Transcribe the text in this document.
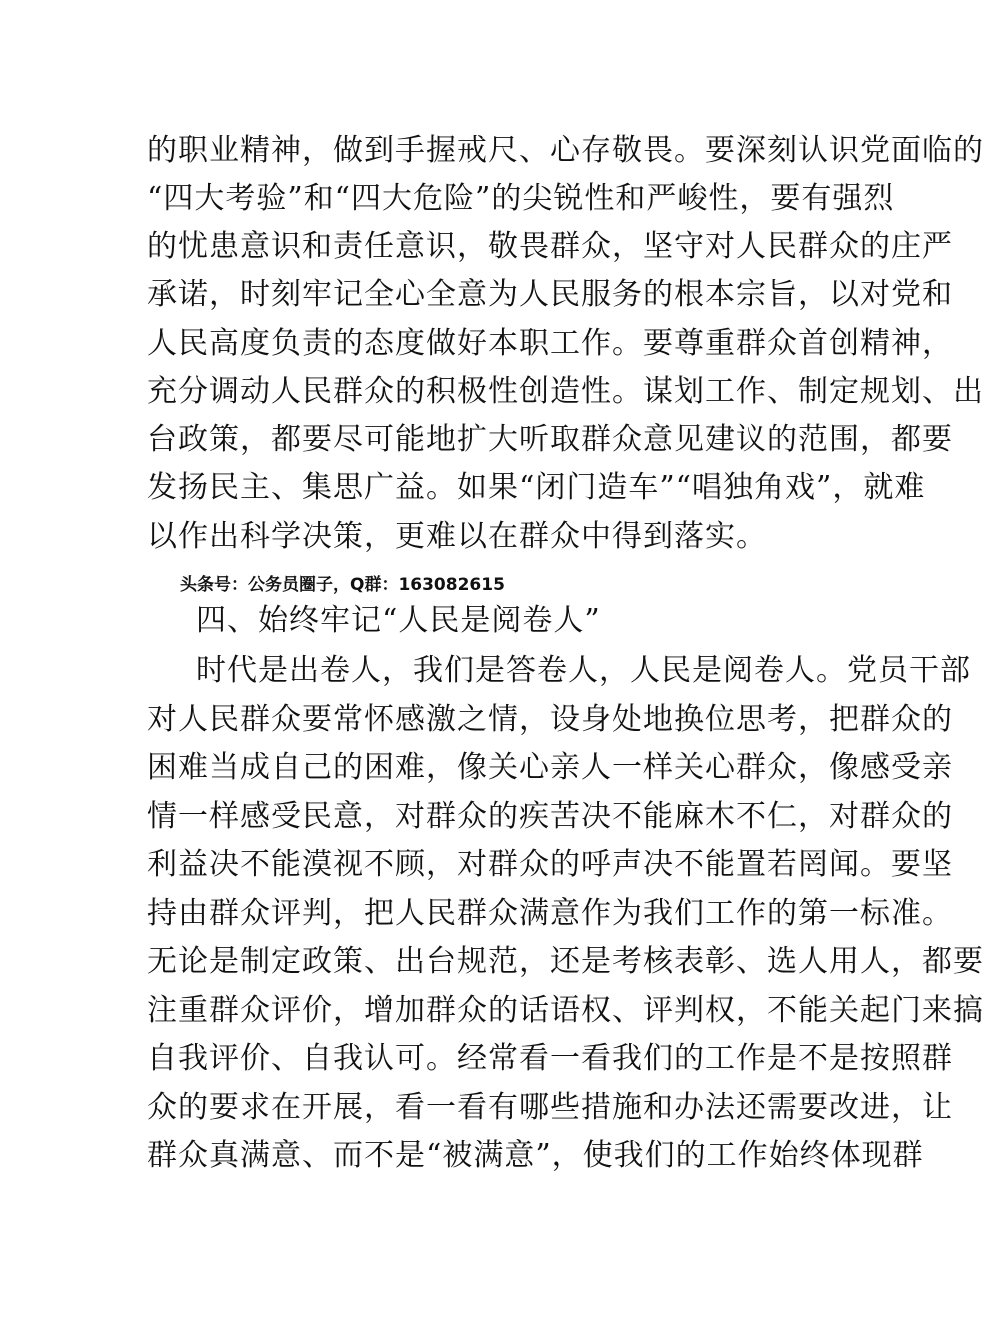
的职业精神，做到手握戒尺、心存敬畏。要深刻认识党面临的
“四大考验”和“四大危险”的尖锐性和严峻性，要有强烈
的忧患意识和责任意识，敬畏群众，坚守对人民群众的庄严
承诺，时刻牢记全心全意为人民服务的根本宗旨，以对党和
人民高度负责的态度做好本职工作。要尊重群众首创精神，
充分调动人民群众的积极性创造性。谋划工作、制定规划、出
台政策，都要尽可能地扩大听取群众意见建议的范围，都要
发扬民主、集思广益。如果“闭门造车”“唱独角戏”，就难
以作出科学决策，更难以在群众中得到落实。
头条号：公务员圈子，Q群：163082615
四、始终牢记“人民是阅卷人”
时代是出卷人，我们是答卷人，人民是阅卷人。党员干部
对人民群众要常怀感激之情，设身处地换位思考，把群众的
困难当成自己的困难，像关心亲人一样关心群众，像感受亲
情一样感受民意，对群众的疾苦决不能麻木不仁，对群众的
利益决不能漠视不顾，对群众的呼声决不能置若罔闻。要坚
持由群众评判，把人民群众满意作为我们工作的第一标准。
无论是制定政策、出台规范，还是考核表彰、选人用人，都要
注重群众评价，增加群众的话语权、评判权，不能关起门来搞
自我评价、自我认可。经常看一看我们的工作是不是按照群
众的要求在开展，看一看有哪些措施和办法还需要改进，让
群众真满意、而不是“被满意”，使我们的工作始终体现群
